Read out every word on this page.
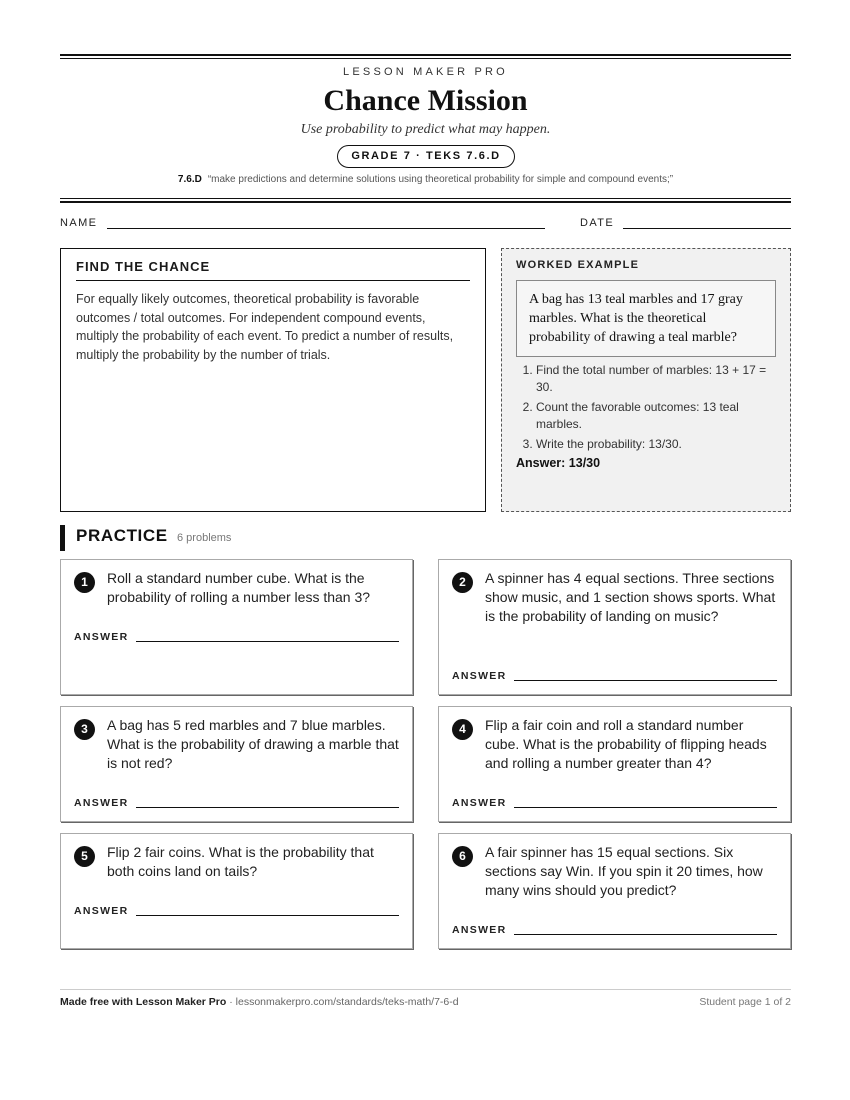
LESSON MAKER PRO
Chance Mission
Use probability to predict what may happen.
GRADE 7 · TEKS 7.6.D
7.6.D “make predictions and determine solutions using theoretical probability for simple and compound events;”
NAME	DATE
FIND THE CHANCE
For equally likely outcomes, theoretical probability is favorable outcomes / total outcomes. For independent compound events, multiply the probability of each event. To predict a number of results, multiply the probability by the number of trials.
WORKED EXAMPLE
A bag has 13 teal marbles and 17 gray marbles. What is the theoretical probability of drawing a teal marble?
1. Find the total number of marbles: 13 + 17 = 30.
2. Count the favorable outcomes: 13 teal marbles.
3. Write the probability: 13/30.
Answer: 13/30
PRACTICE 6 problems
1	Roll a standard number cube. What is the probability of rolling a number less than 3?
ANSWER
2	A spinner has 4 equal sections. Three sections show music, and 1 section shows sports. What is the probability of landing on music?
ANSWER
3	A bag has 5 red marbles and 7 blue marbles. What is the probability of drawing a marble that is not red?
ANSWER
4	Flip a fair coin and roll a standard number cube. What is the probability of flipping heads and rolling a number greater than 4?
ANSWER
5	Flip 2 fair coins. What is the probability that both coins land on tails?
ANSWER
6	A fair spinner has 15 equal sections. Six sections say Win. If you spin it 20 times, how many wins should you predict?
ANSWER
Made free with Lesson Maker Pro · lessonmakerpro.com/standards/teks-math/7-6-d	Student page 1 of 2
